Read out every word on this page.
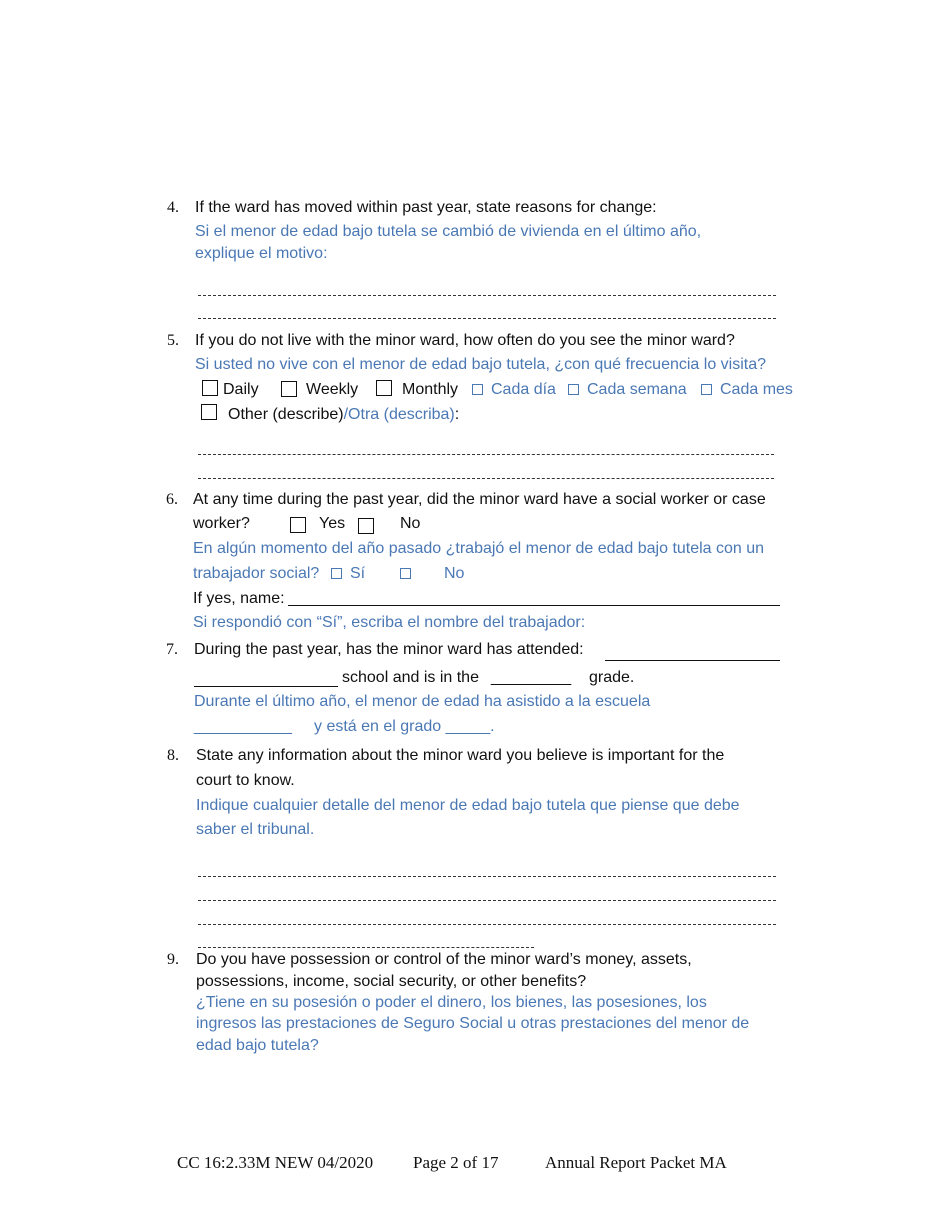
4. If the ward has moved within past year, state reasons for change:
Si el menor de edad bajo tutela se cambió de vivienda en el último año,
explique el motivo:
5. If you do not live with the minor ward, how often do you see the minor ward?
Si usted no vive con el menor de edad bajo tutela, ¿con qué frecuencia lo visita?
Daily	Weekly	Monthly Cada día Cada semana Cada mes
Other (describe)/Otra (describa):
6. At any time during the past year, did the minor ward have a social worker or case
worker?	Yes	No
En algún momento del año pasado ¿trabajó el menor de edad bajo tutela con un
trabajador social? Sí	No
If yes, name:
Si respondió con “Sí”, escriba el nombre del trabajador:
7. During the past year, has the minor ward has attended:
school and is in the _________ grade.
Durante el último año, el menor de edad ha asistido a la escuela
___________ y está en el grado _____.
8. State any information about the minor ward you believe is important for the
court to know.
Indique cualquier detalle del menor de edad bajo tutela que piense que debe
saber el tribunal.
9. Do you have possession or control of the minor ward’s money, assets,
possessions, income, social security, or other benefits?
¿Tiene en su posesión o poder el dinero, los bienes, las posesiones, los
ingresos las prestaciones de Seguro Social u otras prestaciones del menor de
edad bajo tutela?
CC 16:2.33M NEW 04/2020 Page 2 of 17	Annual Report Packet MA
